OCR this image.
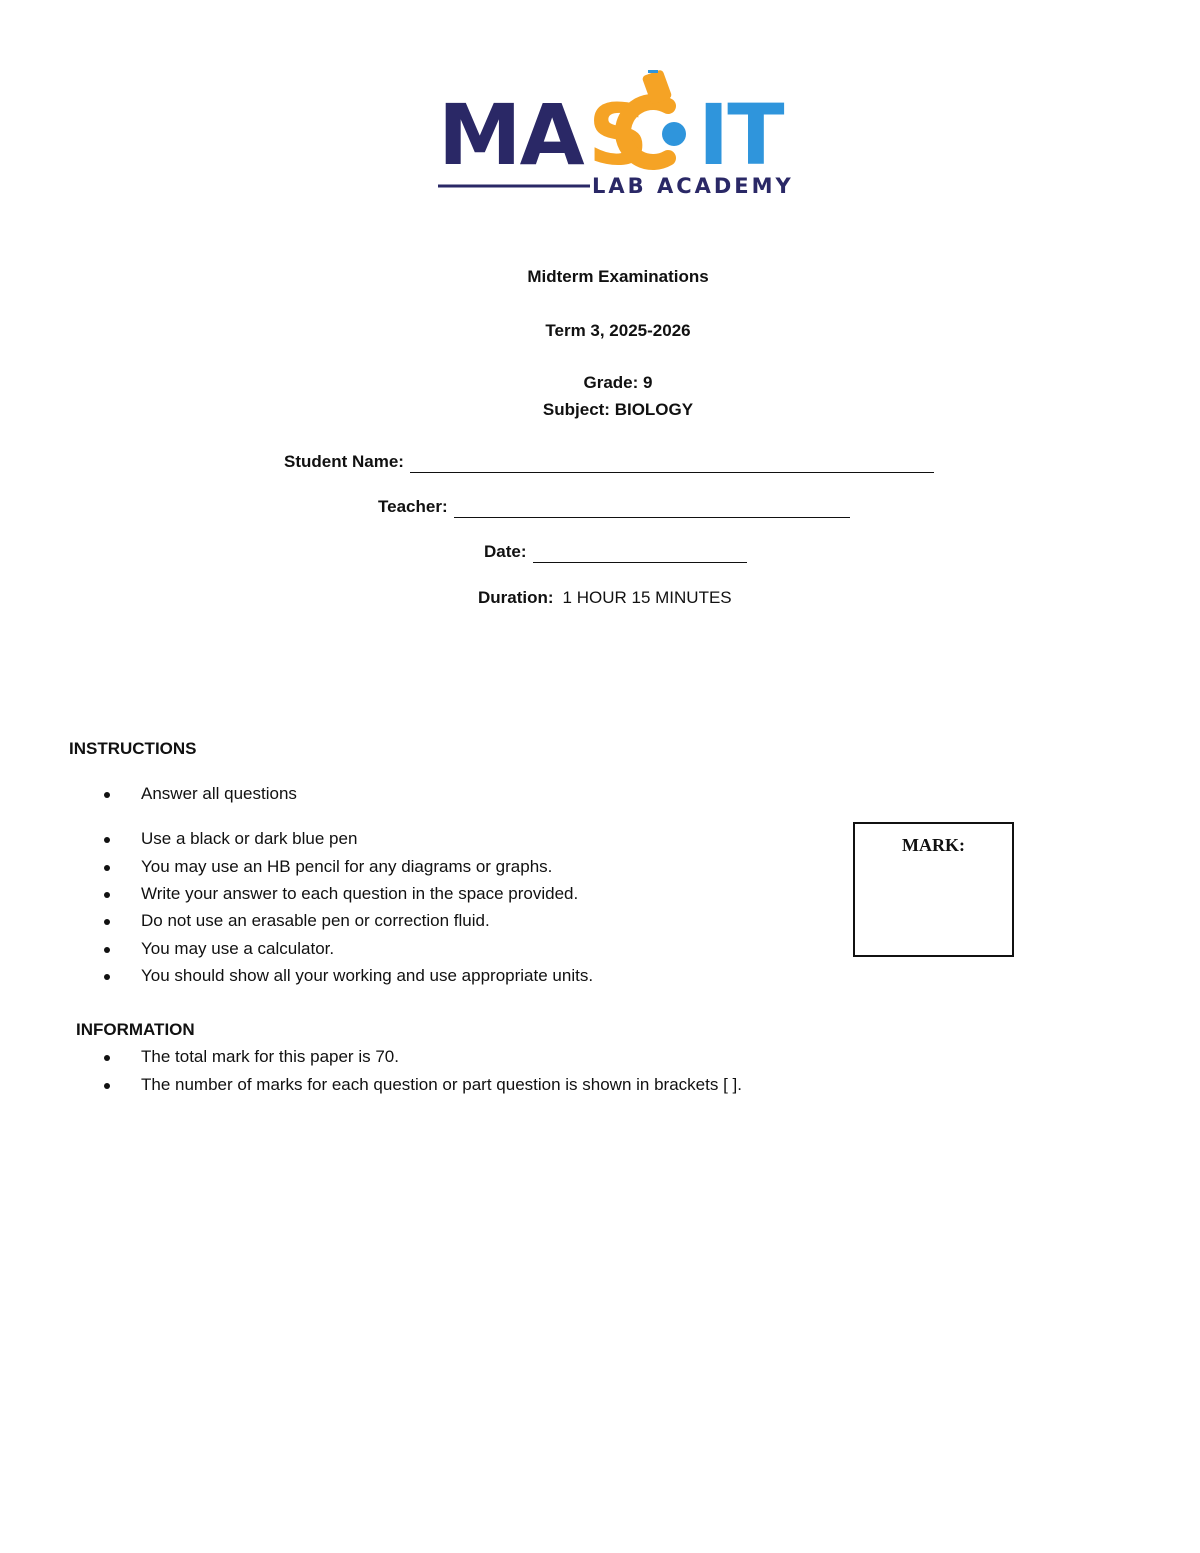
MA S IT
LAB ACADEMY
Midterm Examinations
Term 3, 2025-2026
Grade: 9
Subject: BIOLOGY
Student Name:
Teacher:
Date:
Duration: 1 HOUR 15 MINUTES
INSTRUCTIONS
Answer all questions
Use a black or dark blue pen
You may use an HB pencil for any diagrams or graphs.
Write your answer to each question in the space provided.
Do not use an erasable pen or correction fluid.
You may use a calculator.
You should show all your working and use appropriate units.
MARK:
INFORMATION
The total mark for this paper is 70.
The number of marks for each question or part question is shown in brackets [ ].
